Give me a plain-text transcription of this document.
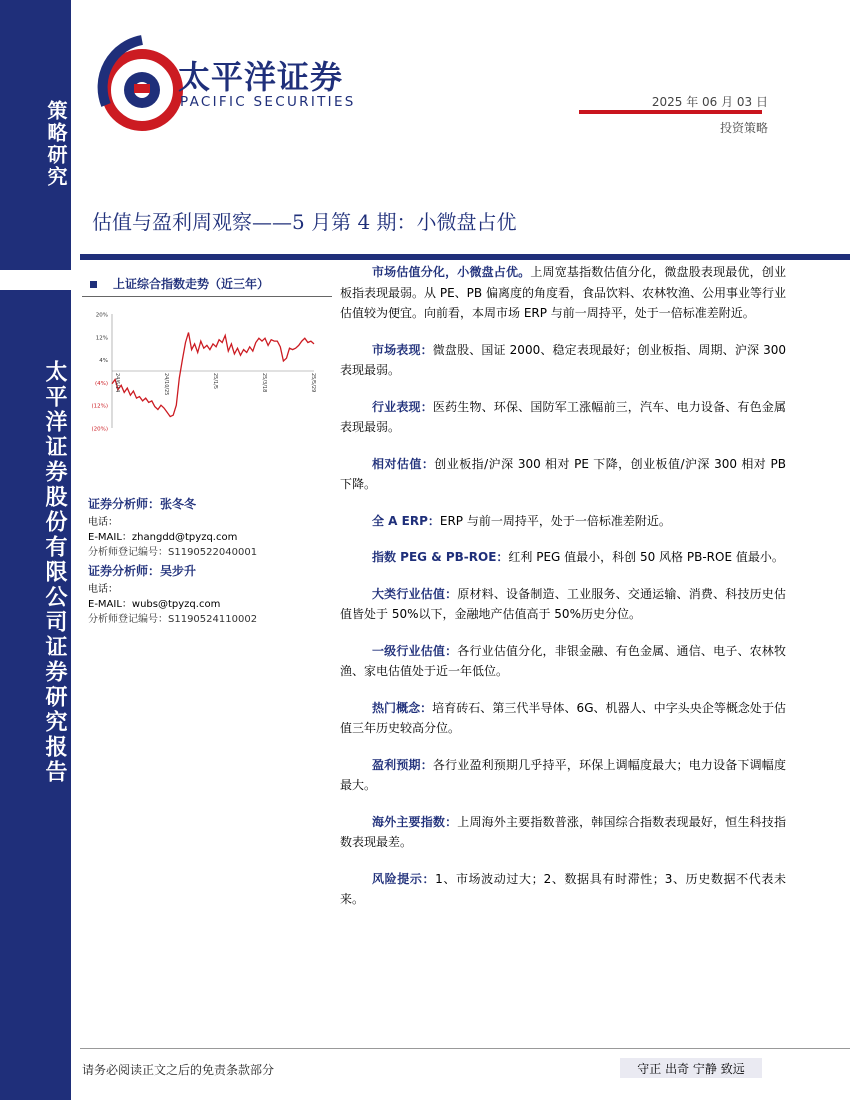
策略研究
太平洋证券股份有限公司证券研究报告
太平洋证券
PACIFIC SECURITIES	2025 年 06 月 03 日
投资策略
估值与盈利周观察——5 月第 4 期：小微盘占优
上证综合指数走势（近三年）
20%
12%
4%
(4%)
(12%)
(20%)
24/6/14	24/10/25	25/1/5	25/3/18	25/5/29
证券分析师：张冬冬
电话：
E-MAIL：zhangdd@tpyzq.com
分析师登记编号：S1190522040001
证券分析师：吴步升
电话：
E-MAIL：wubs@tpyzq.com
分析师登记编号：S1190524110002

市场估值分化，小微盘占优。上周宽基指数估值分化，微盘股表现最优，创业板指表现最弱。从 PE、PB 偏离度的角度看，食品饮料、农林牧渔、公用事业等行业估值较为便宜。向前看，本周市场 ERP 与前一周持平，处于一倍标准差附近。

市场表现：微盘股、国证 2000、稳定表现最好；创业板指、周期、沪深 300 表现最弱。

行业表现：医药生物、环保、国防军工涨幅前三，汽车、电力设备、有色金属表现最弱。

相对估值：创业板指/沪深 300 相对 PE 下降，创业板值/沪深 300 相对 PB 下降。

全 A ERP：ERP 与前一周持平，处于一倍标准差附近。

指数 PEG & PB-ROE：红利 PEG 值最小，科创 50 风格 PB-ROE 值最小。

大类行业估值：原材料、设备制造、工业服务、交通运输、消费、科技历史估值皆处于 50%以下，金融地产估值高于 50%历史分位。

一级行业估值：各行业估值分化，非银金融、有色金属、通信、电子、农林牧渔、家电估值处于近一年低位。

热门概念：培育砖石、第三代半导体、6G、机器人、中字头央企等概念处于估值三年历史较高分位。

盈利预期：各行业盈利预期几乎持平，环保上调幅度最大；电力设备下调幅度最大。

海外主要指数：上周海外主要指数普涨，韩国综合指数表现最好，恒生科技指数表现最差。

风险提示：1、市场波动过大；2、数据具有时滞性；3、历史数据不代表未来。

请务必阅读正文之后的免责条款部分	守正 出奇 宁静 致远
